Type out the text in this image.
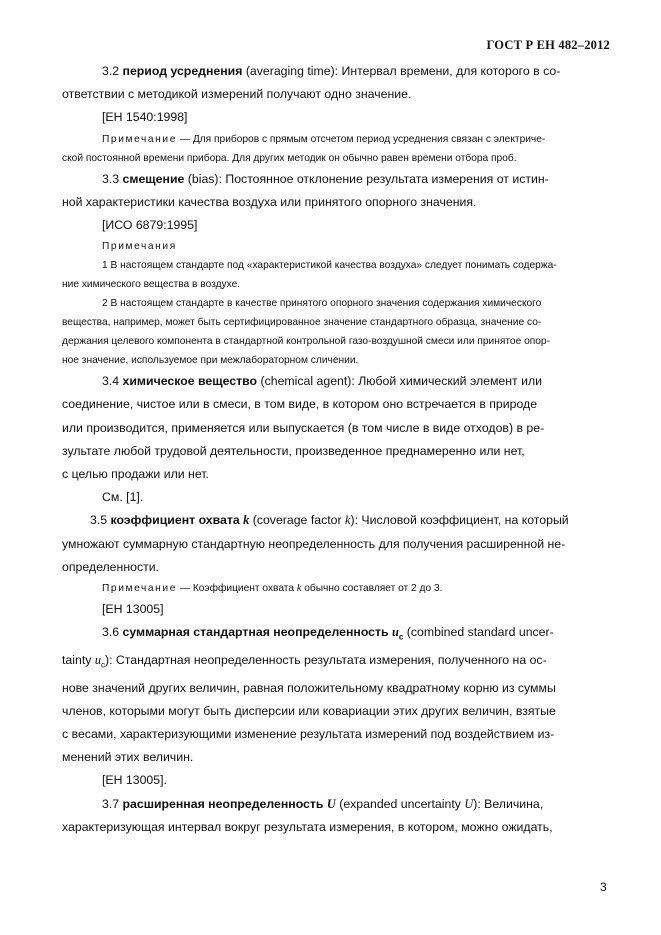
ГОСТ Р ЕН 482–2012

3.2 период усреднения (averaging time): Интервал времени, для которого в со-

ответствии с методикой измерений получают одно значение.

[ЕН 1540:1998]

Примечание — Для приборов с прямым отсчетом период усреднения связан с электриче-

ской постоянной времени прибора. Для других методик он обычно равен времени отбора проб.

3.3 смещение (bias): Постоянное отклонение результата измерения от истин-

ной характеристики качества воздуха или принятого опорного значения.

[ИСО 6879:1995]

Примечания

1 В настоящем стандарте под «характеристикой качества воздуха» следует понимать содержа-

ние химического вещества в воздухе.

2 В настоящем стандарте в качестве принятого опорного значения содержания химического

вещества, например, может быть сертифицированное значение стандартного образца, значение со-

держания целевого компонента в стандартной контрольной газо-воздушной смеси или принятое опор-

ное значение, используемое при межлабораторном сличении.

3.4 химическое вещество (chemical agent): Любой химический элемент или

соединение, чистое или в смеси, в том виде, в котором оно встречается в природе

или производится, применяется или выпускается (в том числе в виде отходов) в ре-

зультате любой трудовой деятельности, произведенное преднамеренно или нет,

с целью продажи или нет.

См. [1].

3.5 коэффициент охвата k (coverage factor k): Числовой коэффициент, на который

умножают суммарную стандартную неопределенность для получения расширенной не-

определенности.

Примечание — Коэффициент охвата k обычно составляет от 2 до 3.

[ЕН 13005]

3.6 суммарная стандартная неопределенность $u_c$ (combined standard uncer-

tainty $u_c$): Стандартная неопределенность результата измерения, полученного на ос-

нове значений других величин, равная положительному квадратному корню из суммы

членов, которыми могут быть дисперсии или ковариации этих других величин, взятые

с весами, характеризующими изменение результата измерений под воздействием из-

менений этих величин.

[ЕН 13005].

3.7 расширенная неопределенность U (expanded uncertainty U): Величина,

характеризующая интервал вокруг результата измерения, в котором, можно ожидать,

3
